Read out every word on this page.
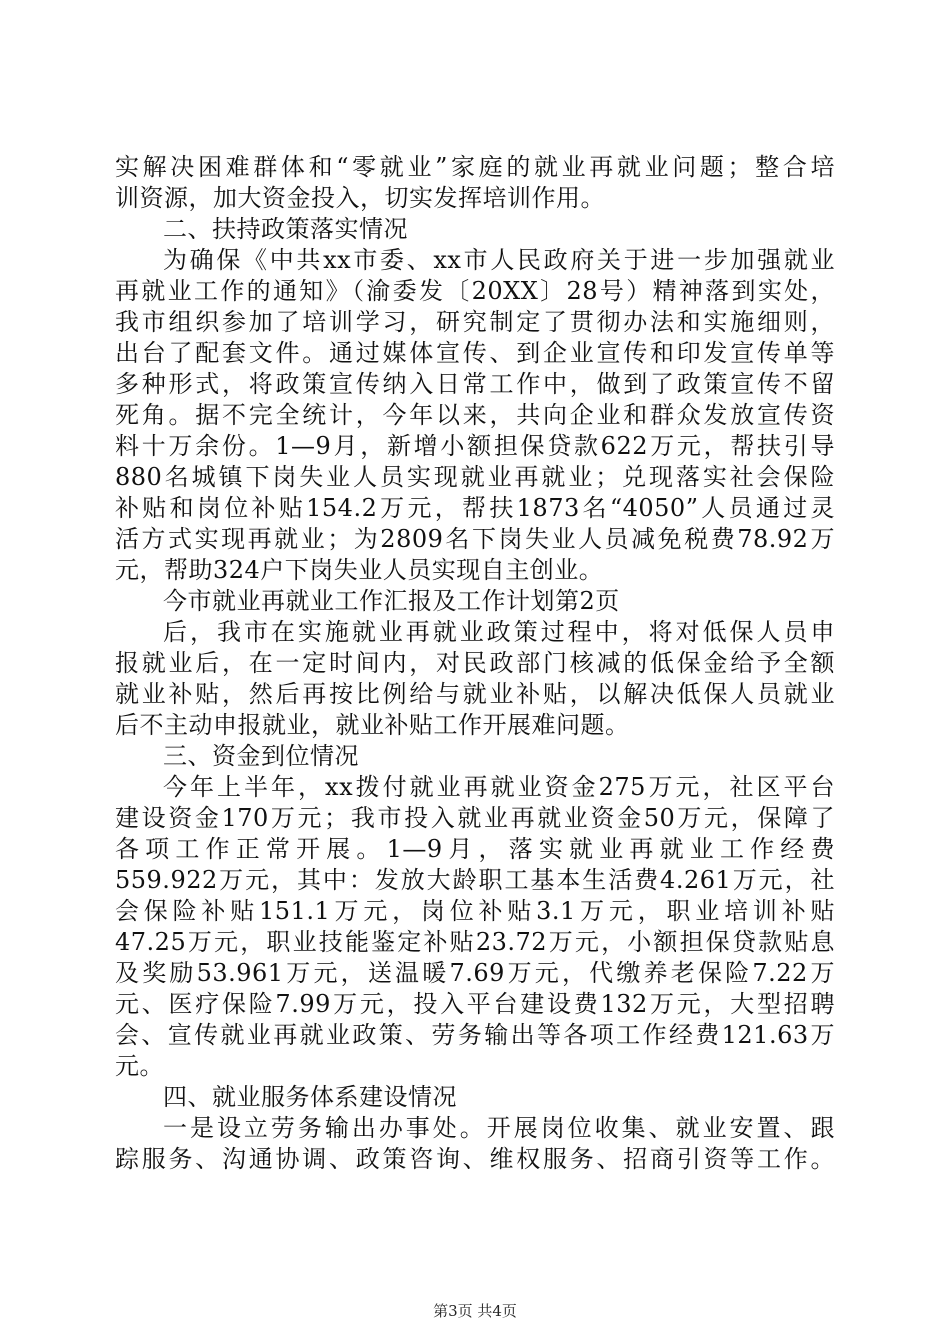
实解决困难群体和“零就业”家庭的就业再就业问题；整合培
训资源，加大资金投入，切实发挥培训作用。
二、扶持政策落实情况
为确保《中共xx市委、xx市人民政府关于进一步加强就业
再就业工作的通知》（渝委发〔20XX〕28号）精神落到实处，
我市组织参加了培训学习，研究制定了贯彻办法和实施细则，
出台了配套文件。通过媒体宣传、到企业宣传和印发宣传单等
多种形式，将政策宣传纳入日常工作中，做到了政策宣传不留
死角。据不完全统计，今年以来，共向企业和群众发放宣传资
料十万余份。1—9月，新增小额担保贷款622万元，帮扶引导
880名城镇下岗失业人员实现就业再就业；兑现落实社会保险
补贴和岗位补贴154.2万元，帮扶1873名“4050”人员通过灵
活方式实现再就业；为2809名下岗失业人员减免税费78.92万
元，帮助324户下岗失业人员实现自主创业。
今市就业再就业工作汇报及工作计划第2页
后，我市在实施就业再就业政策过程中，将对低保人员申
报就业后，在一定时间内，对民政部门核减的低保金给予全额
就业补贴，然后再按比例给与就业补贴，以解决低保人员就业
后不主动申报就业，就业补贴工作开展难问题。
三、资金到位情况
今年上半年，xx拨付就业再就业资金275万元，社区平台
建设资金170万元；我市投入就业再就业资金50万元，保障了
各项工作正常开展。1—9月，落实就业再就业工作经费
559.922万元，其中：发放大龄职工基本生活费4.261万元，社
会保险补贴151.1万元，岗位补贴3.1万元，职业培训补贴
47.25万元，职业技能鉴定补贴23.72万元，小额担保贷款贴息
及奖励53.961万元，送温暖7.69万元，代缴养老保险7.22万
元、医疗保险7.99万元，投入平台建设费132万元，大型招聘
会、宣传就业再就业政策、劳务输出等各项工作经费121.63万
元。
四、就业服务体系建设情况
一是设立劳务输出办事处。开展岗位收集、就业安置、跟
踪服务、沟通协调、政策咨询、维权服务、招商引资等工作。
第3页 共4页
